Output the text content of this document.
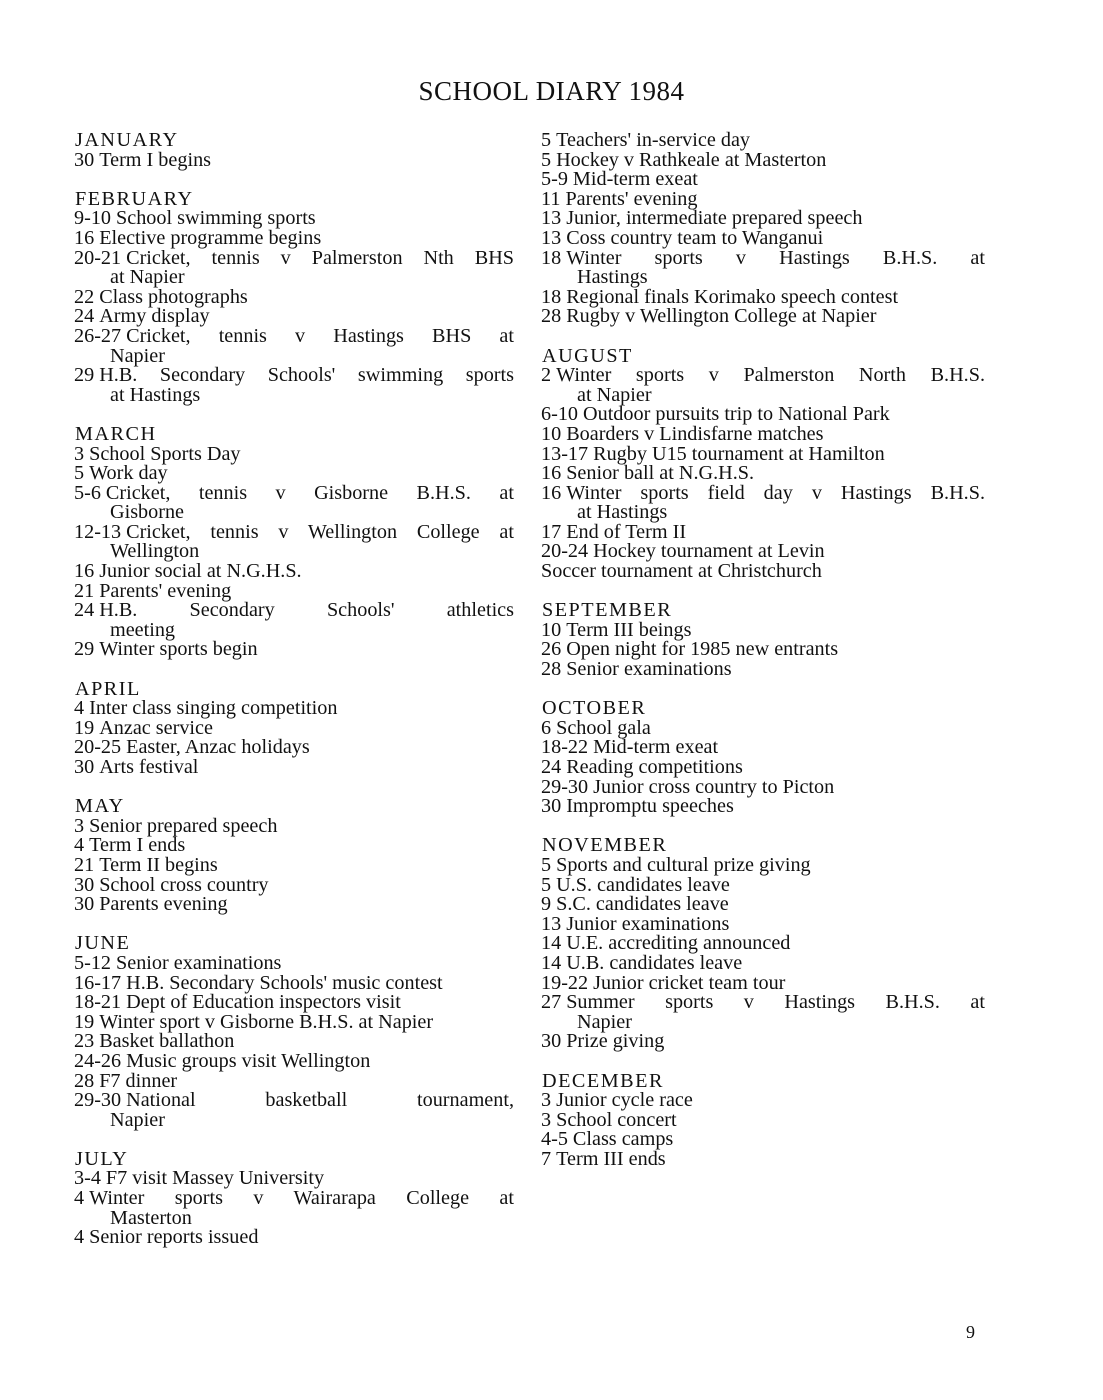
SCHOOL DIARY 1984
JANUARY
30 Term I begins
FEBRUARY
9-10 School swimming sports
16 Elective programme begins
20-21 Cricket, tennis v Palmerston Nth BHS
at Napier
22 Class photographs
24 Army display
26-27 Cricket, tennis v Hastings BHS at
Napier
29 H.B. Secondary Schools' swimming sports
at Hastings
MARCH
3 School Sports Day
5 Work day
5-6 Cricket, tennis v Gisborne B.H.S. at
Gisborne
12-13 Cricket, tennis v Wellington College at
Wellington
16 Junior social at N.G.H.S.
21 Parents' evening
24 H.B. Secondary Schools' athletics
meeting
29 Winter sports begin
APRIL
4 Inter class singing competition
19 Anzac service
20-25 Easter, Anzac holidays
30 Arts festival
MAY
3 Senior prepared speech
4 Term I ends
21 Term II begins
30 School cross country
30 Parents evening
JUNE
5-12 Senior examinations
16-17 H.B. Secondary Schools' music contest
18-21 Dept of Education inspectors visit
19 Winter sport v Gisborne B.H.S. at Napier
23 Basket ballathon
24-26 Music groups visit Wellington
28 F7 dinner
29-30 National basketball tournament,
Napier
JULY
3-4 F7 visit Massey University
4 Winter sports v Wairarapa College at
Masterton
4 Senior reports issued
5 Teachers' in-service day
5 Hockey v Rathkeale at Masterton
5-9 Mid-term exeat
11 Parents' evening
13 Junior, intermediate prepared speech
13 Coss country team to Wanganui
18 Winter sports v Hastings B.H.S. at
Hastings
18 Regional finals Korimako speech contest
28 Rugby v Wellington College at Napier
AUGUST
2 Winter sports v Palmerston North B.H.S.
at Napier
6-10 Outdoor pursuits trip to National Park
10 Boarders v Lindisfarne matches
13-17 Rugby U15 tournament at Hamilton
16 Senior ball at N.G.H.S.
16 Winter sports field day v Hastings B.H.S.
at Hastings
17 End of Term II
20-24 Hockey tournament at Levin
Soccer tournament at Christchurch
SEPTEMBER
10 Term III beings
26 Open night for 1985 new entrants
28 Senior examinations
OCTOBER
6 School gala
18-22 Mid-term exeat
24 Reading competitions
29-30 Junior cross country to Picton
30 Impromptu speeches
NOVEMBER
5 Sports and cultural prize giving
5 U.S. candidates leave
9 S.C. candidates leave
13 Junior examinations
14 U.E. accrediting announced
14 U.B. candidates leave
19-22 Junior cricket team tour
27 Summer sports v Hastings B.H.S. at
Napier
30 Prize giving
DECEMBER
3 Junior cycle race
3 School concert
4-5 Class camps
7 Term III ends
9
